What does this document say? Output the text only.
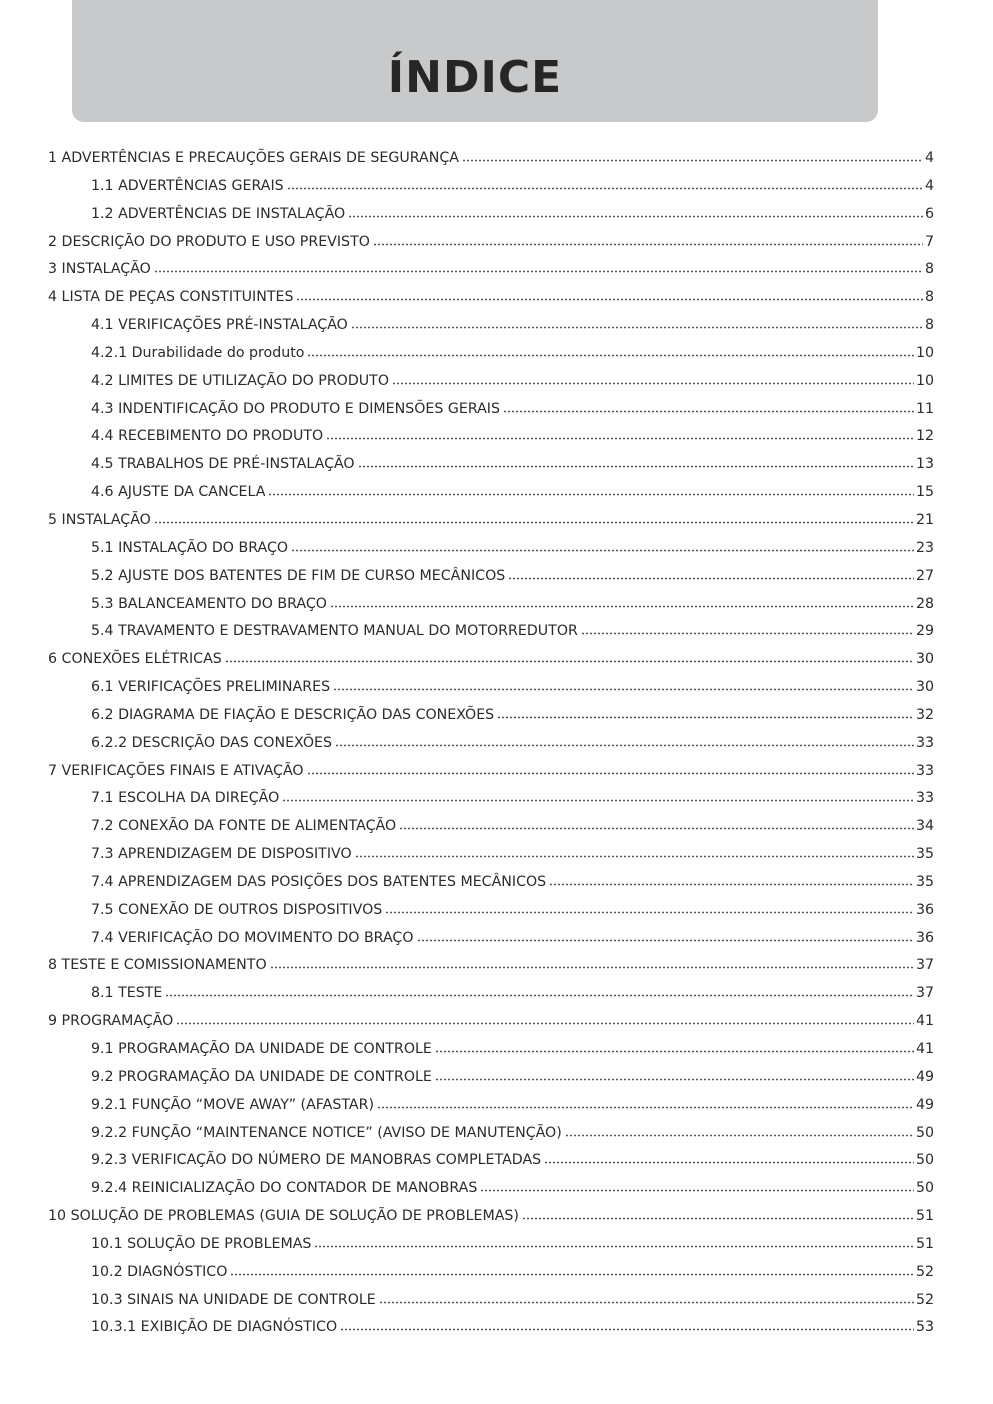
ÍNDICE
1 ADVERTÊNCIAS E PRECAUÇÕES GERAIS DE SEGURANÇA	4
1.1 ADVERTÊNCIAS GERAIS	4
1.2 ADVERTÊNCIAS DE INSTALAÇÃO	6
2 DESCRIÇÃO DO PRODUTO E USO PREVISTO	7
3 INSTALAÇÃO	8
4 LISTA DE PEÇAS CONSTITUINTES	8
4.1 VERIFICAÇÕES PRÉ-INSTALAÇÃO	8
4.2.1 Durabilidade do produto	10
4.2 LIMITES DE UTILIZAÇÃO DO PRODUTO	10
4.3 INDENTIFICAÇÃO DO PRODUTO E DIMENSÕES GERAIS	11
4.4 RECEBIMENTO DO PRODUTO	12
4.5 TRABALHOS DE PRÉ-INSTALAÇÃO	13
4.6 AJUSTE DA CANCELA	15
5 INSTALAÇÃO	21
5.1 INSTALAÇÃO DO BRAÇO	23
5.2 AJUSTE DOS BATENTES DE FIM DE CURSO MECÂNICOS	27
5.3 BALANCEAMENTO DO BRAÇO	28
5.4 TRAVAMENTO E DESTRAVAMENTO MANUAL DO MOTORREDUTOR	29
6 CONEXÕES ELÉTRICAS	30
6.1 VERIFICAÇÕES PRELIMINARES	30
6.2 DIAGRAMA DE FIAÇÃO E DESCRIÇÃO DAS CONEXÕES	32
6.2.2 DESCRIÇÃO DAS CONEXÕES	33
7 VERIFICAÇÕES FINAIS E ATIVAÇÃO	33
7.1 ESCOLHA DA DIREÇÃO	33
7.2 CONEXÃO DA FONTE DE ALIMENTAÇÃO	34
7.3 APRENDIZAGEM DE DISPOSITIVO	35
7.4 APRENDIZAGEM DAS POSIÇÕES DOS BATENTES MECÂNICOS	35
7.5 CONEXÃO DE OUTROS DISPOSITIVOS	36
7.4 VERIFICAÇÃO DO MOVIMENTO DO BRAÇO	36
8 TESTE E COMISSIONAMENTO	37
8.1 TESTE	37
9 PROGRAMAÇÃO	41
9.1 PROGRAMAÇÃO DA UNIDADE DE CONTROLE	41
9.2 PROGRAMAÇÃO DA UNIDADE DE CONTROLE	49
9.2.1 FUNÇÃO “MOVE AWAY” (AFASTAR)	49
9.2.2 FUNÇÃO “MAINTENANCE NOTICE” (AVISO DE MANUTENÇÃO)	50
9.2.3 VERIFICAÇÃO DO NÚMERO DE MANOBRAS COMPLETADAS	50
9.2.4 REINICIALIZAÇÃO DO CONTADOR DE MANOBRAS	50
10 SOLUÇÃO DE PROBLEMAS (GUIA DE SOLUÇÃO DE PROBLEMAS)	51
10.1 SOLUÇÃO DE PROBLEMAS	51
10.2 DIAGNÓSTICO	52
10.3 SINAIS NA UNIDADE DE CONTROLE	52
10.3.1 EXIBIÇÃO DE DIAGNÓSTICO	53
